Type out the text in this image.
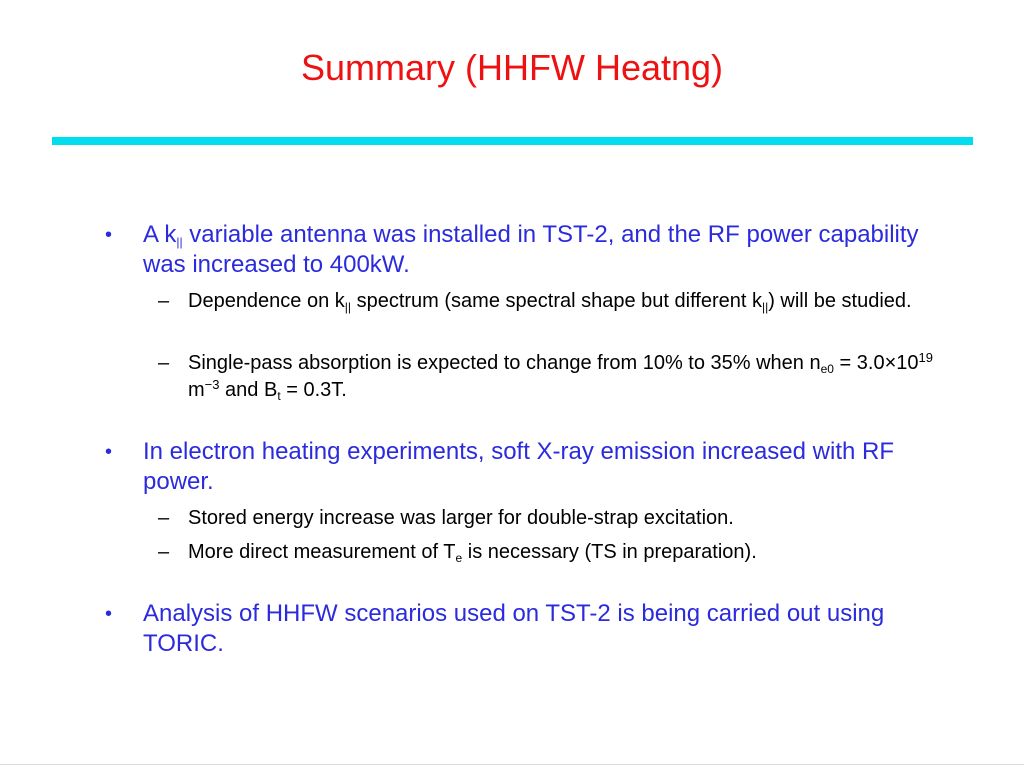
Summary (HHFW Heatng)
• A $k_{||}$ variable antenna was installed in TST-2, and the RF power capability was increased to 400kW.
– Dependence on $k_{||}$ spectrum (same spectral shape but different $k_{||}$) will be studied.
– Single-pass absorption is expected to change from 10% to 35% when $n_{e0} = 3.0\times 10^{19}$ $m^{-3}$ and $B_t = 0.3T$.
• In electron heating experiments, soft X-ray emission increased with RF power.
– Stored energy increase was larger for double-strap excitation.
– More direct measurement of $T_e$ is necessary (TS in preparation).
• Analysis of HHFW scenarios used on TST-2 is being carried out using TORIC.
